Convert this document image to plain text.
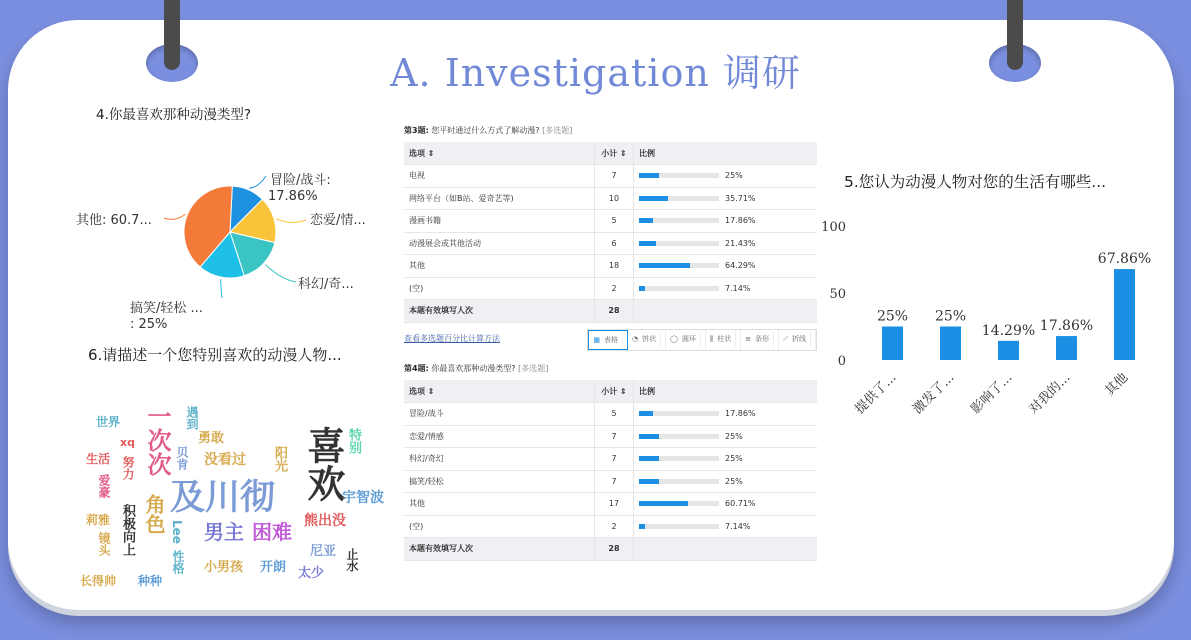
A. Investigation 调研
4.你最喜欢那种动漫类型?
冒险/战斗:
17.86%
恋爱/情...
科幻/奇...
搞笑/轻松 ...
: 25%
其他: 60.7...
6.请描述一个您特别喜欢的动漫人物...
喜欢
及川彻
一次次
男主 困难
角色	宇智波
熊出没
没看过
勇敢
阳光
特别
尼亚
太少
开朗
小男孩
Lee
性格
积极向上
种种
长得帅
镜头
莉雅
爱豪
生活 努力
世界
贝肯
遇到
止水
xq
第3题: 您平时通过什么方式了解动漫? [多选题]
选项 ⇕	小计 ⇕	比例
电视	7	25%
网络平台（如B站、爱奇艺等)	10	35.71%
漫画书籍	5	17.86%
动漫展会或其他活动	6	21.43%
其他	18	64.29%
(空)	2	7.14%
本题有效填写人次	28	
查看多选题百分比计算方法	▦ 表格	◔ 饼状	◯ 圆环	⫼ 柱状	≡ 条形	⟋ 折线
第4题: 你最喜欢那种动漫类型? [多选题]
选项 ⇕	小计 ⇕	比例
冒险/战斗	5	17.86%
恋爱/情感	7	25%
科幻/奇幻	7	25%
搞笑/轻松	7	25%
其他	17	60.71%
(空)	2	7.14%
本题有效填写人次	28	
5.您认为动漫人物对您的生活有哪些...
0
50
100
25%
提供了...
25%
激发了...
14.29%
影响了...
17.86%
对我的...
67.86%
其他
